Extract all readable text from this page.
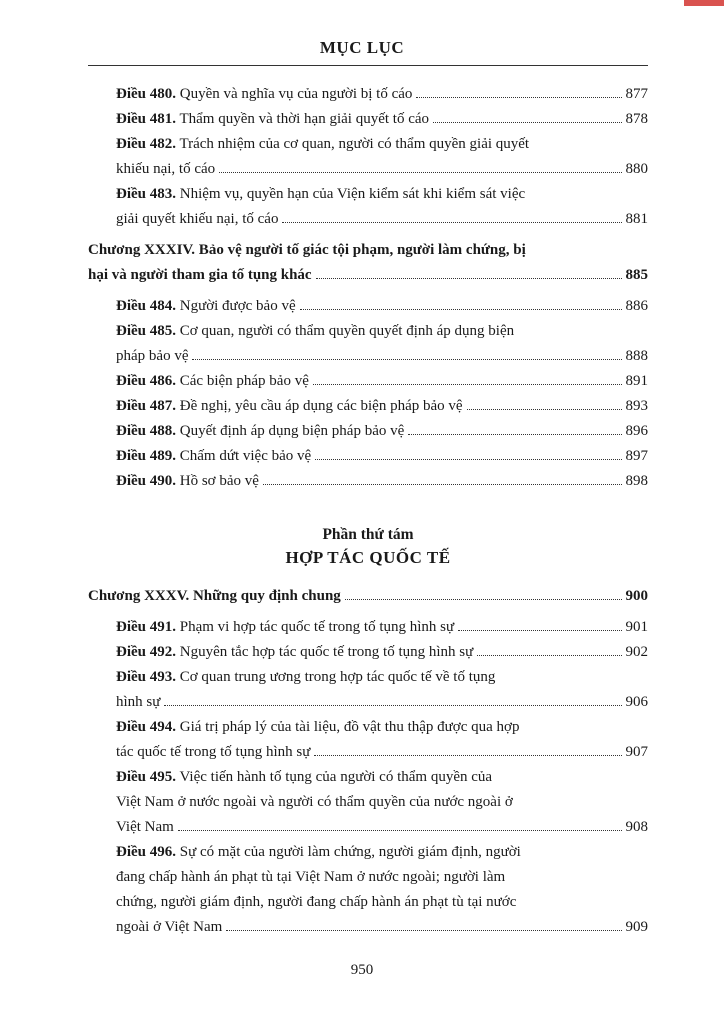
MỤC LỤC
Điều 480. Quyền và nghĩa vụ của người bị tố cáo	877
Điều 481. Thẩm quyền và thời hạn giải quyết tố cáo	878
Điều 482. Trách nhiệm của cơ quan, người có thẩm quyền giải quyết
khiếu nại, tố cáo	880
Điều 483. Nhiệm vụ, quyền hạn của Viện kiểm sát khi kiểm sát việc
giải quyết khiếu nại, tố cáo	881
Chương XXXIV. Bảo vệ người tố giác tội phạm, người làm chứng, bị
hại và người tham gia tố tụng khác	885
Điều 484. Người được bảo vệ	886
Điều 485. Cơ quan, người có thẩm quyền quyết định áp dụng biện
pháp bảo vệ	888
Điều 486. Các biện pháp bảo vệ	891
Điều 487. Đề nghị, yêu cầu áp dụng các biện pháp bảo vệ	893
Điều 488. Quyết định áp dụng biện pháp bảo vệ	896
Điều 489. Chấm dứt việc bảo vệ	897
Điều 490. Hồ sơ bảo vệ	898
Phần thứ tám
HỢP TÁC QUỐC TẾ
Chương XXXV. Những quy định chung	900
Điều 491. Phạm vi hợp tác quốc tế trong tố tụng hình sự	901
Điều 492. Nguyên tắc hợp tác quốc tế trong tố tụng hình sự	902
Điều 493. Cơ quan trung ương trong hợp tác quốc tế về tố tụng
hình sự	906
Điều 494. Giá trị pháp lý của tài liệu, đồ vật thu thập được qua hợp
tác quốc tế trong tố tụng hình sự	907
Điều 495. Việc tiến hành tố tụng của người có thẩm quyền của
Việt Nam ở nước ngoài và người có thẩm quyền của nước ngoài ở
Việt Nam	908
Điều 496. Sự có mặt của người làm chứng, người giám định, người
đang chấp hành án phạt tù tại Việt Nam ở nước ngoài; người làm
chứng, người giám định, người đang chấp hành án phạt tù tại nước
ngoài ở Việt Nam	909
950
